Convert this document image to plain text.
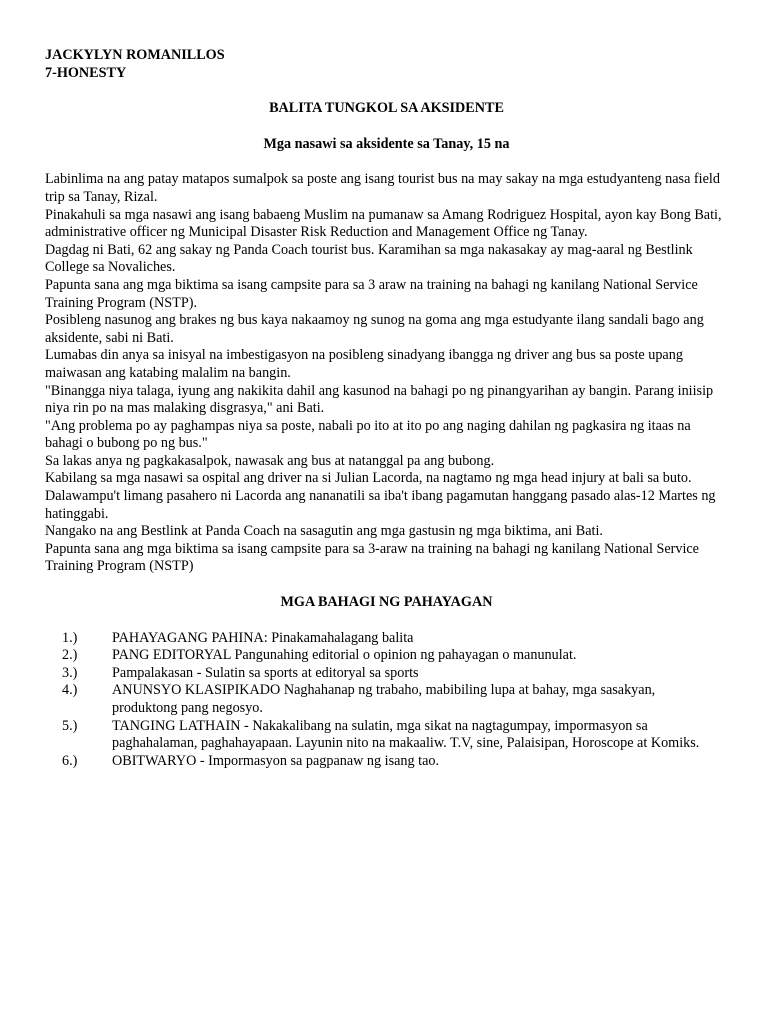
JACKYLYN ROMANILLOS

7-HONESTY

BALITA TUNGKOL SA AKSIDENTE

Mga nasawi sa aksidente sa Tanay, 15 na

Labinlima na ang patay matapos sumalpok sa poste ang isang tourist bus na may sakay na mga estudyanteng nasa field trip sa Tanay, Rizal.

Pinakahuli sa mga nasawi ang isang babaeng Muslim na pumanaw sa Amang Rodriguez Hospital, ayon kay Bong Bati, administrative officer ng Municipal Disaster Risk Reduction and Management Office ng Tanay.

Dagdag ni Bati, 62 ang sakay ng Panda Coach tourist bus. Karamihan sa mga nakasakay ay mag-aaral ng Bestlink College sa Novaliches.

Papunta sana ang mga biktima sa isang campsite para sa 3 araw na training na bahagi ng kanilang National Service Training Program (NSTP).

Posibleng nasunog ang brakes ng bus kaya nakaamoy ng sunog na goma ang mga estudyante ilang sandali bago ang aksidente, sabi ni Bati.

Lumabas din anya sa inisyal na imbestigasyon na posibleng sinadyang ibangga ng driver ang bus sa poste upang maiwasan ang katabing malalim na bangin.

"Binangga niya talaga, iyung ang nakikita dahil ang kasunod na bahagi po ng pinangyarihan ay bangin. Parang iniisip niya rin po na mas malaking disgrasya," ani Bati.

"Ang problema po ay paghampas niya sa poste, nabali po ito at ito po ang naging dahilan ng pagkasira ng itaas na bahagi o bubong po ng bus."

Sa lakas anya ng pagkakasalpok, nawasak ang bus at natanggal pa ang bubong.

Kabilang sa mga nasawi sa ospital ang driver na si Julian Lacorda, na nagtamo ng mga head injury at bali sa buto.

Dalawampu't limang pasahero ni Lacorda ang nananatili sa iba't ibang pagamutan hanggang pasado alas-12 Martes ng hatinggabi.

Nangako na ang Bestlink at Panda Coach na sasagutin ang mga gastusin ng mga biktima, ani Bati.

Papunta sana ang mga biktima sa isang campsite para sa 3-araw na training na bahagi ng kanilang National Service Training Program (NSTP)

MGA BAHAGI NG PAHAYAGAN

1.)	PAHAYAGANG PAHINA: Pinakamahalagang balita
2.)	PANG EDITORYAL Pangunahing editorial o opinion ng pahayagan o manunulat.
3.)	Pampalakasan - Sulatin sa sports at editoryal sa sports
4.)	ANUNSYO KLASIPIKADO Naghahanap ng trabaho, mabibiling lupa at bahay, mga sasakyan, produktong pang negosyo.
5.)	TANGING LATHAIN - Nakakalibang na sulatin, mga sikat na nagtagumpay, impormasyon sa paghahalaman, paghahayapaan. Layunin nito na makaaliw. T.V, sine, Palaisipan, Horoscope at Komiks.
6.)	OBITWARYO - Impormasyon sa pagpanaw ng isang tao.
